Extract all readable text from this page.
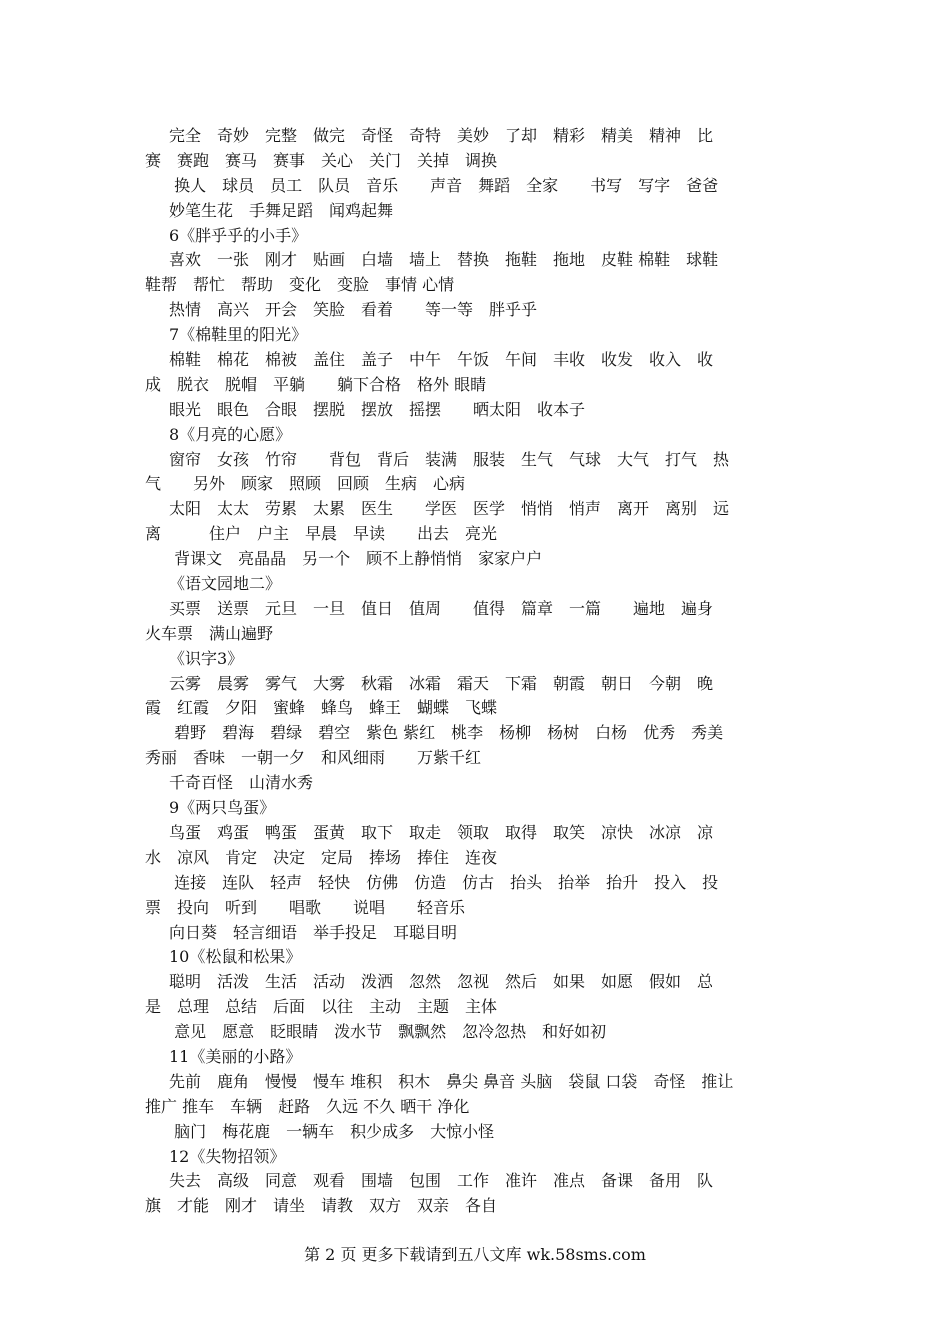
完全　奇妙　完整　做完　奇怪　奇特　美妙　了却　精彩　精美　精神　比
赛　赛跑　赛马　赛事　关心　关门　关掉　调换
换人　球员　员工　队员　音乐　　声音　舞蹈　全家　　书写　写字　爸爸
妙笔生花　手舞足蹈　闻鸡起舞
6《胖乎乎的小手》
喜欢　一张　刚才　贴画　白墙　墙上　替换　拖鞋　拖地　皮鞋 棉鞋　球鞋
鞋帮　帮忙　帮助　变化　变脸　事情 心情
热情　高兴　开会　笑脸　看着　　等一等　胖乎乎
7《棉鞋里的阳光》
棉鞋　棉花　棉被　盖住　盖子　中午　午饭　午间　丰收　收发　收入　收
成　脱衣　脱帽　平躺　　躺下合格　格外 眼睛
眼光　眼色　合眼　摆脱　摆放　摇摆　　晒太阳　收本子
8《月亮的心愿》
窗帘　女孩　竹帘　　背包　背后　装满　服装　生气　气球　大气　打气　热
气　　另外　顾家　照顾　回顾　生病　心病
太阳　太太　劳累　太累　医生　　学医　医学　悄悄　悄声　离开　离别　远
离　　　住户　户主　早晨　早读　　出去　亮光
背课文　亮晶晶　另一个　顾不上静悄悄　家家户户
《语文园地二》
买票　送票　元旦　一旦　值日　值周　　值得　篇章　一篇　　遍地　遍身
火车票　满山遍野
《识字3》
云雾　晨雾　雾气　大雾　秋霜　冰霜　霜天　下霜　朝霞　朝日　今朝　晚
霞　红霞　夕阳　蜜蜂　蜂鸟　蜂王　蝴蝶　飞蝶
碧野　碧海　碧绿　碧空　紫色 紫红　桃李　杨柳　杨树　白杨　优秀　秀美
秀丽　香味　一朝一夕　和风细雨　　万紫千红
千奇百怪　山清水秀
9《两只鸟蛋》
鸟蛋　鸡蛋　鸭蛋　蛋黄　取下　取走　领取　取得　取笑　凉快　冰凉　凉
水　凉风　肯定　决定　定局　捧场　捧住　连夜
连接　连队　轻声　轻快　仿佛　仿造　仿古　抬头　抬举　抬升　投入　投
票　投向　听到　　唱歌　　说唱　　轻音乐
向日葵　轻言细语　举手投足　耳聪目明
10《松鼠和松果》
聪明　活泼　生活　活动　泼洒　忽然　忽视　然后　如果　如愿　假如　总
是　总理　总结　后面　以往　主动　主题　主体
意见　愿意　眨眼睛　泼水节　飘飘然　忽冷忽热　和好如初
11《美丽的小路》
先前　鹿角　慢慢　慢车 堆积　积木　鼻尖 鼻音 头脑　袋鼠 口袋　奇怪　推让
推广 推车　车辆　赶路　久远 不久 晒干 净化
脑门　梅花鹿　一辆车　积少成多　大惊小怪
12《失物招领》
失去　高级　同意　观看　围墙　包围　工作　准许　准点　备课　备用　队
旗　才能　刚才　请坐　请教　双方　双亲　各自
第 2 页 更多下载请到五八文库 wk.58sms.com
